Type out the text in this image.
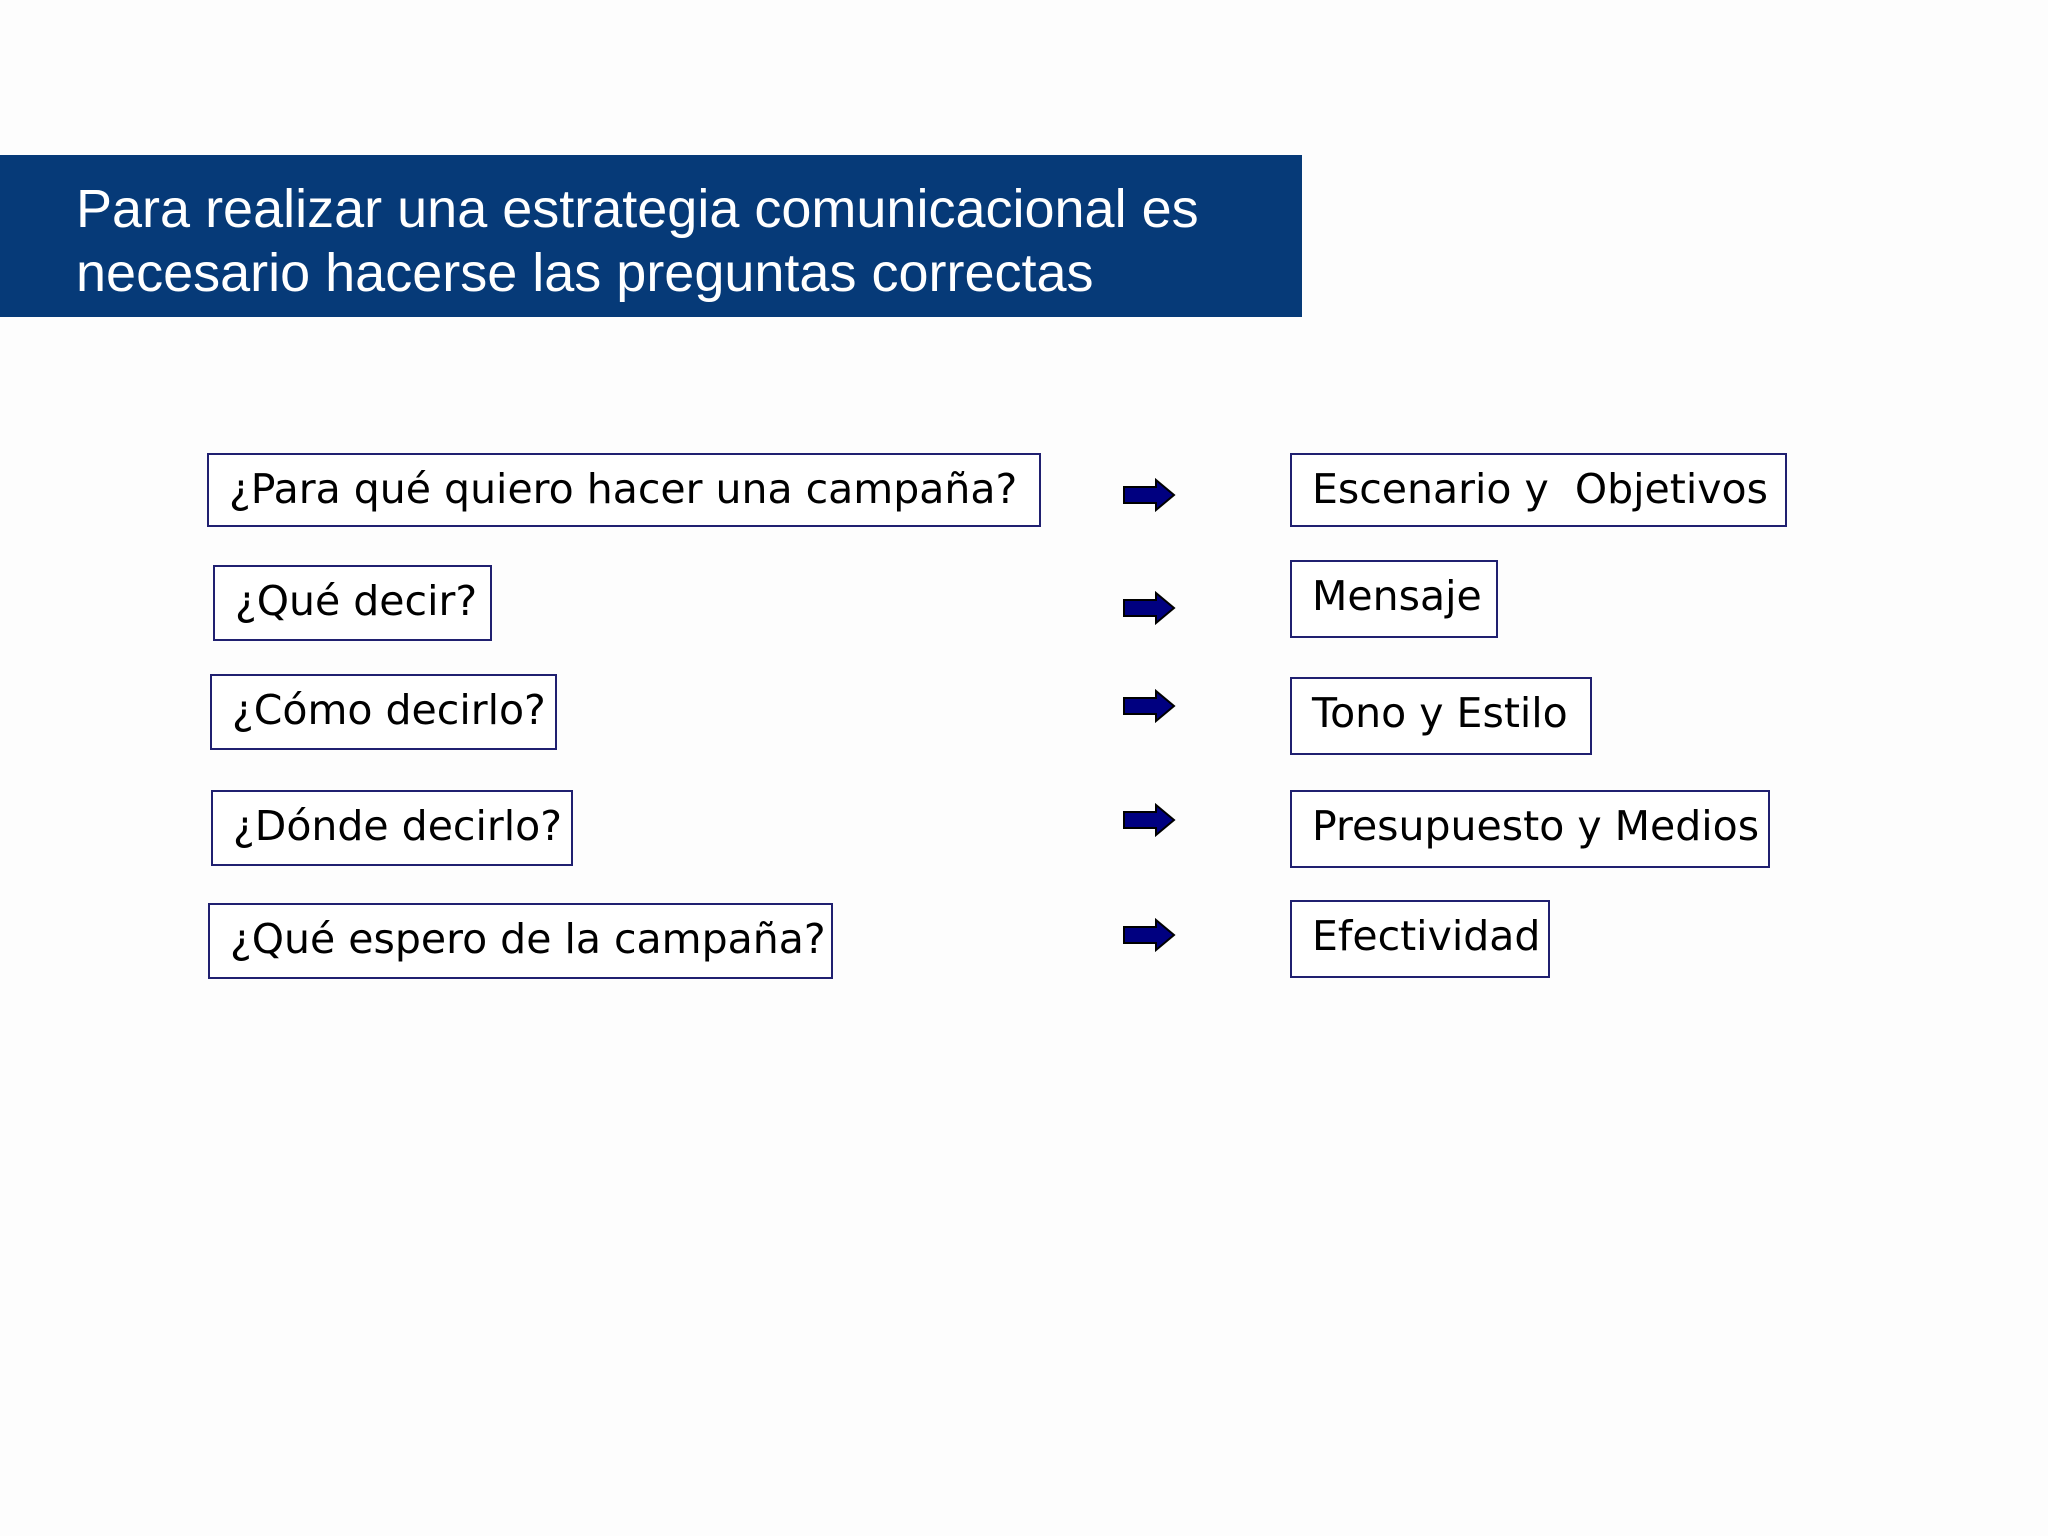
Para realizar una estrategia comunicacional es
necesario hacerse las preguntas correctas
¿Para qué quiero hacer una campaña?
¿Qué decir?
¿Cómo decirlo?
¿Dónde decirlo?
¿Qué espero de la campaña?
Escenario y  Objetivos
Mensaje
Tono y Estilo
Presupuesto y Medios
Efectividad
